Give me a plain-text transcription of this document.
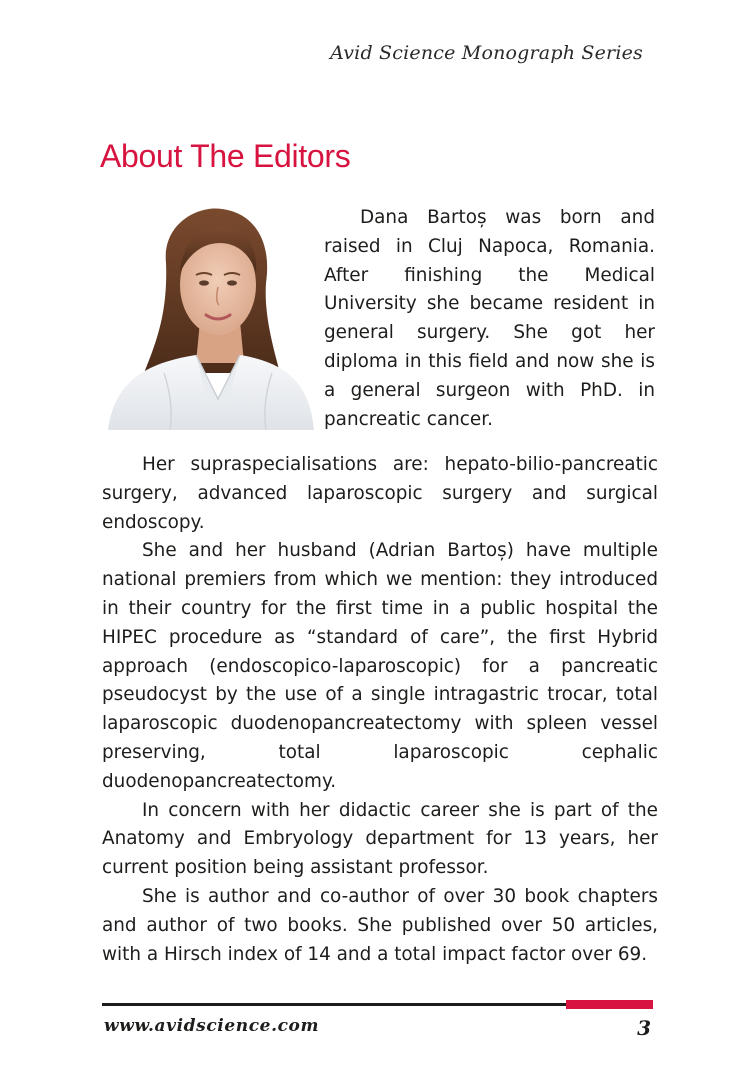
Avid Science Monograph Series
About The Editors

Dana Bartoș was born and raised in Cluj Napoca, Romania. After finishing the Medical University she became resident in general surgery. She got her diploma in this field and now she is a general surgeon with PhD. in pancreatic cancer.

Her supraspecialisations are: hepato-bilio-pancreatic surgery, advanced laparoscopic surgery and surgical endoscopy.

She and her husband (Adrian Bartoș) have multiple national premiers from which we mention: they introduced in their country for the first time in a public hospital the HIPEC procedure as “standard of care”, the first Hybrid approach (endoscopico-laparoscopic) for a pancreatic pseudocyst by the use of a single intragastric trocar, total laparoscopic duodenopancreatectomy with spleen vessel preserving, total laparoscopic cephalic duodenopancreatectomy.

In concern with her didactic career she is part of the Anatomy and Embryology department for 13 years, her current position being assistant professor.

She is author and co-author of over 30 book chapters and author of two books. She published over 50 articles, with a Hirsch index of 14 and a total impact factor over 69.

www.avidscience.com	3
